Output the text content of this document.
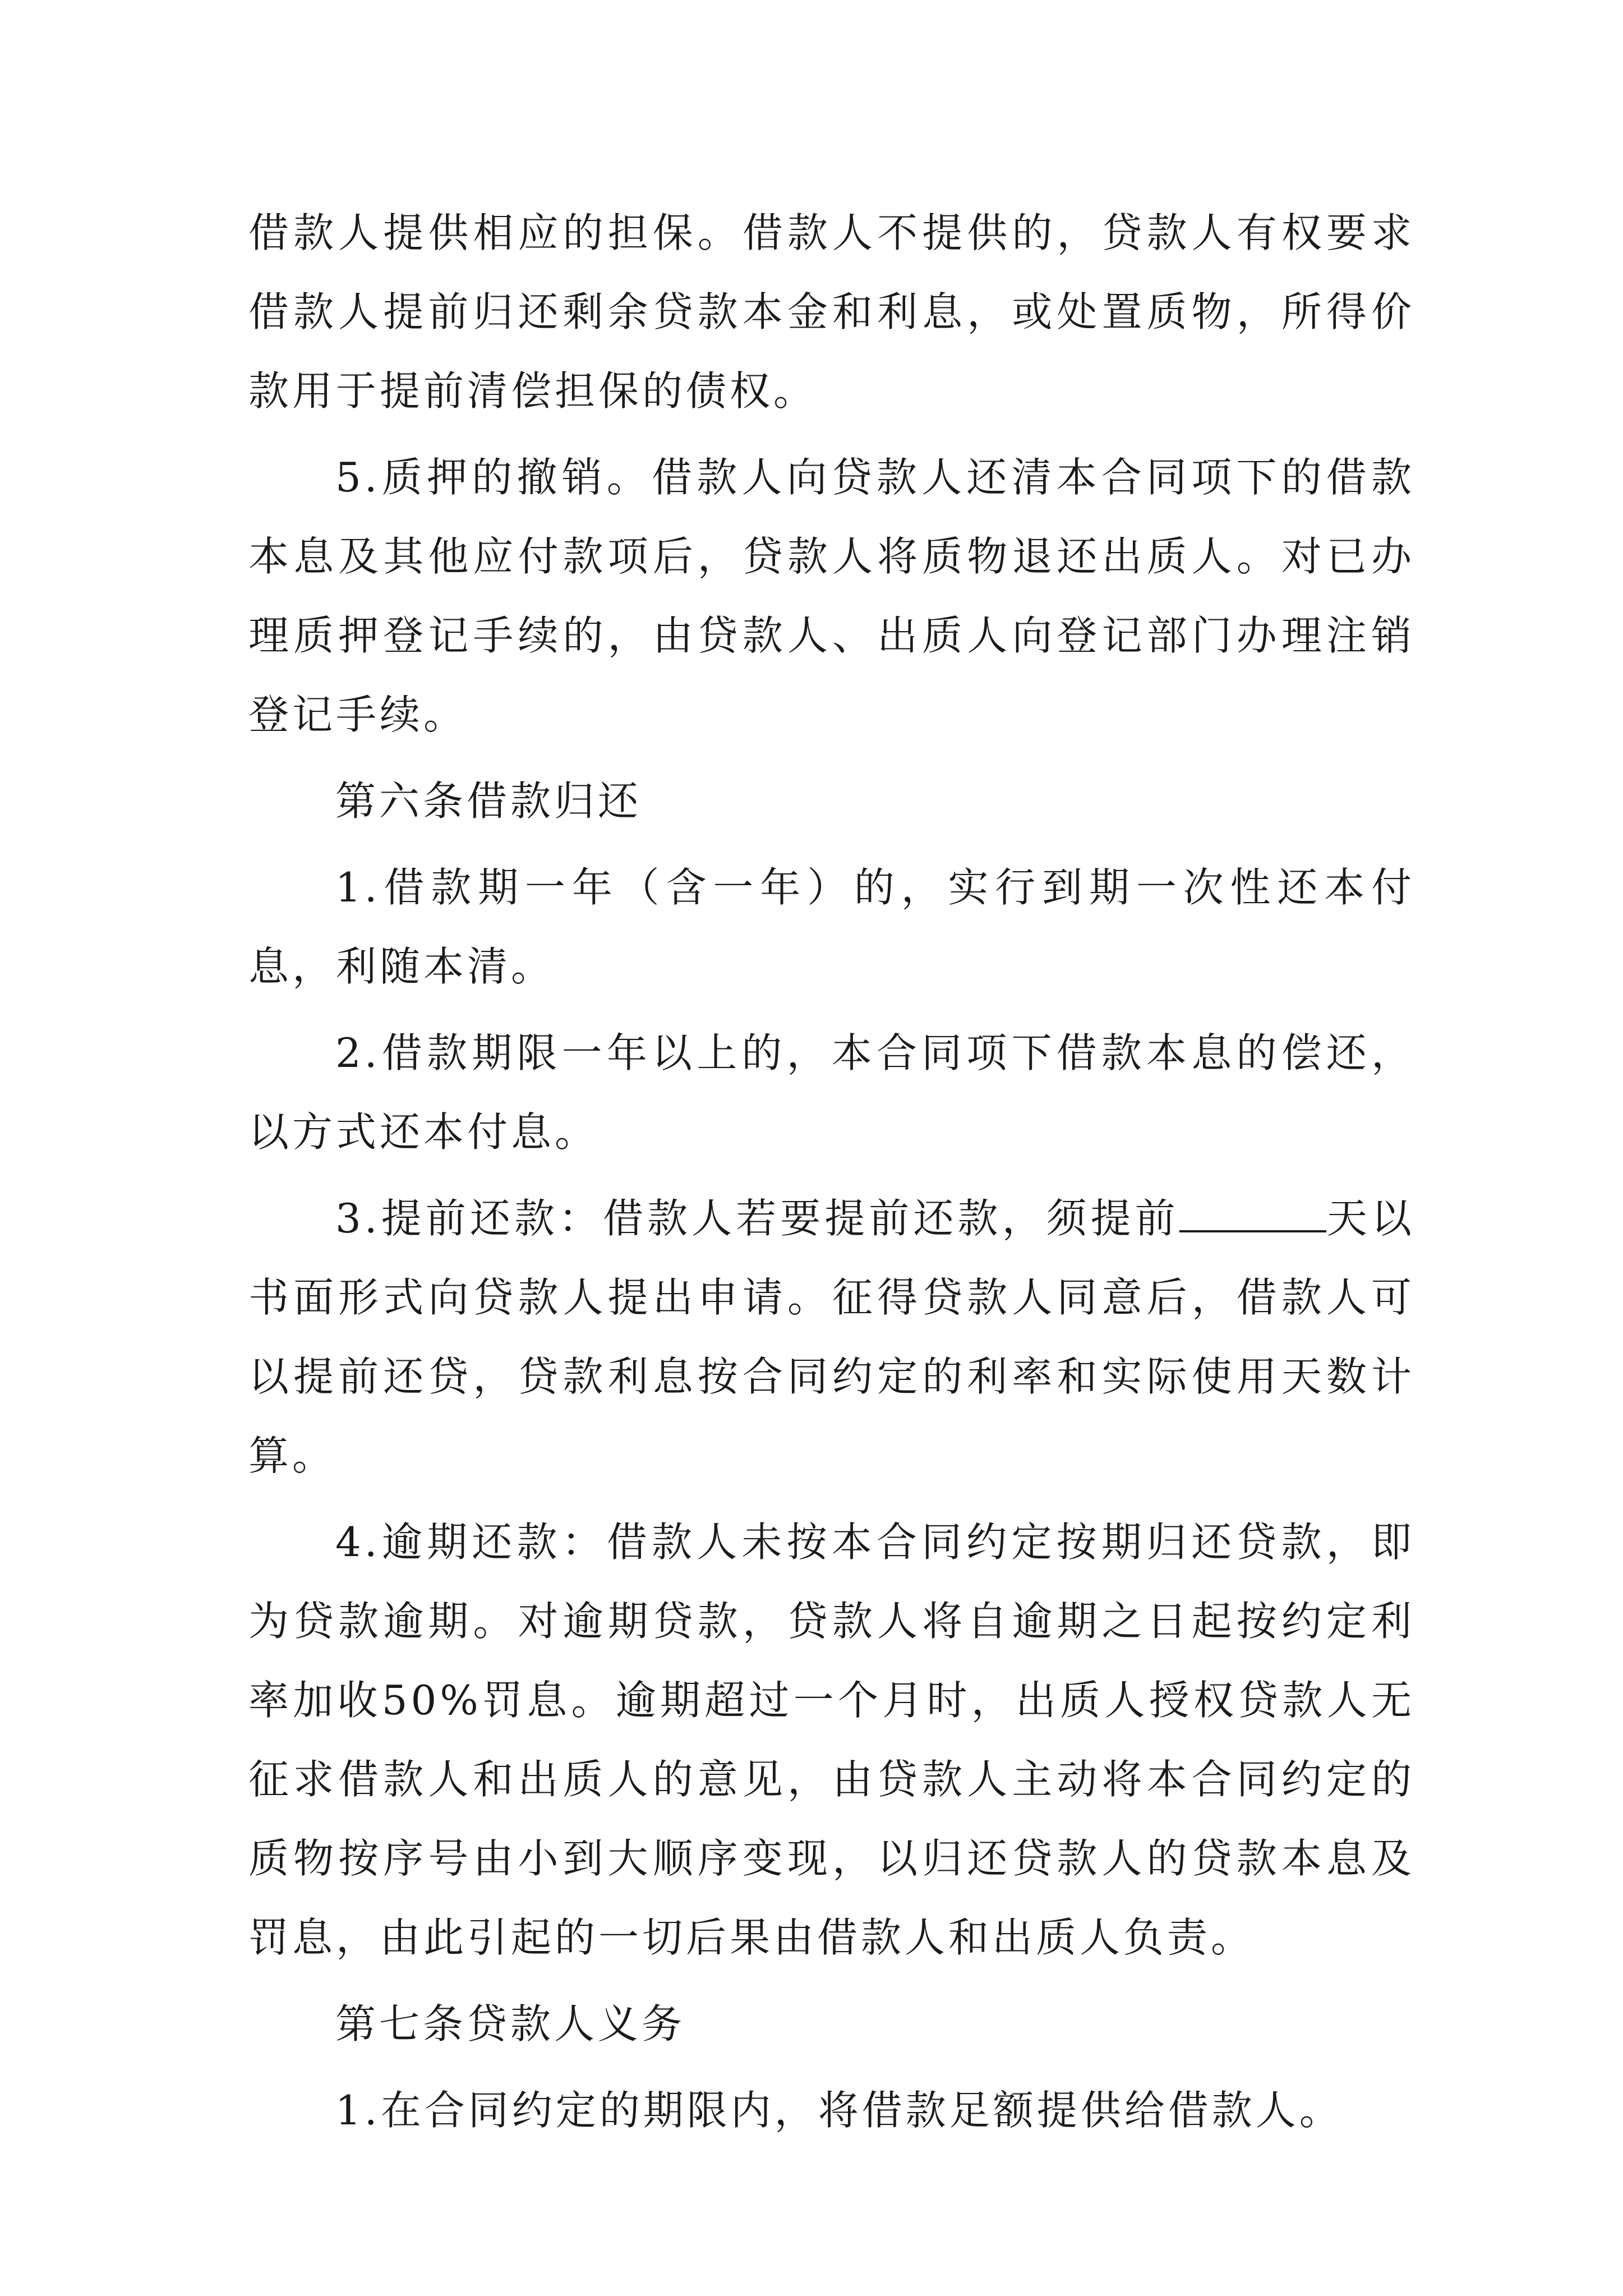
借款人提供相应的担保。借款人不提供的，贷款人有权要求借款人提前归还剩余贷款本金和利息，或处置质物，所得价款用于提前清偿担保的债权。

5.质押的撤销。借款人向贷款人还清本合同项下的借款本息及其他应付款项后，贷款人将质物退还出质人。对已办理质押登记手续的，由贷款人、出质人向登记部门办理注销登记手续。

第六条借款归还

1.借款期一年（含一年）的，实行到期一次性还本付息，利随本清。

2.借款期限一年以上的，本合同项下借款本息的偿还，以方式还本付息。

3.提前还款：借款人若要提前还款，须提前	天以书面形式向贷款人提出申请。征得贷款人同意后，借款人可以提前还贷，贷款利息按合同约定的利率和实际使用天数计算。

4.逾期还款：借款人未按本合同约定按期归还贷款，即为贷款逾期。对逾期贷款，贷款人将自逾期之日起按约定利率加收50%罚息。逾期超过一个月时，出质人授权贷款人无征求借款人和出质人的意见，由贷款人主动将本合同约定的质物按序号由小到大顺序变现，以归还贷款人的贷款本息及罚息，由此引起的一切后果由借款人和出质人负责。

第七条贷款人义务

1.在合同约定的期限内，将借款足额提供给借款人。
